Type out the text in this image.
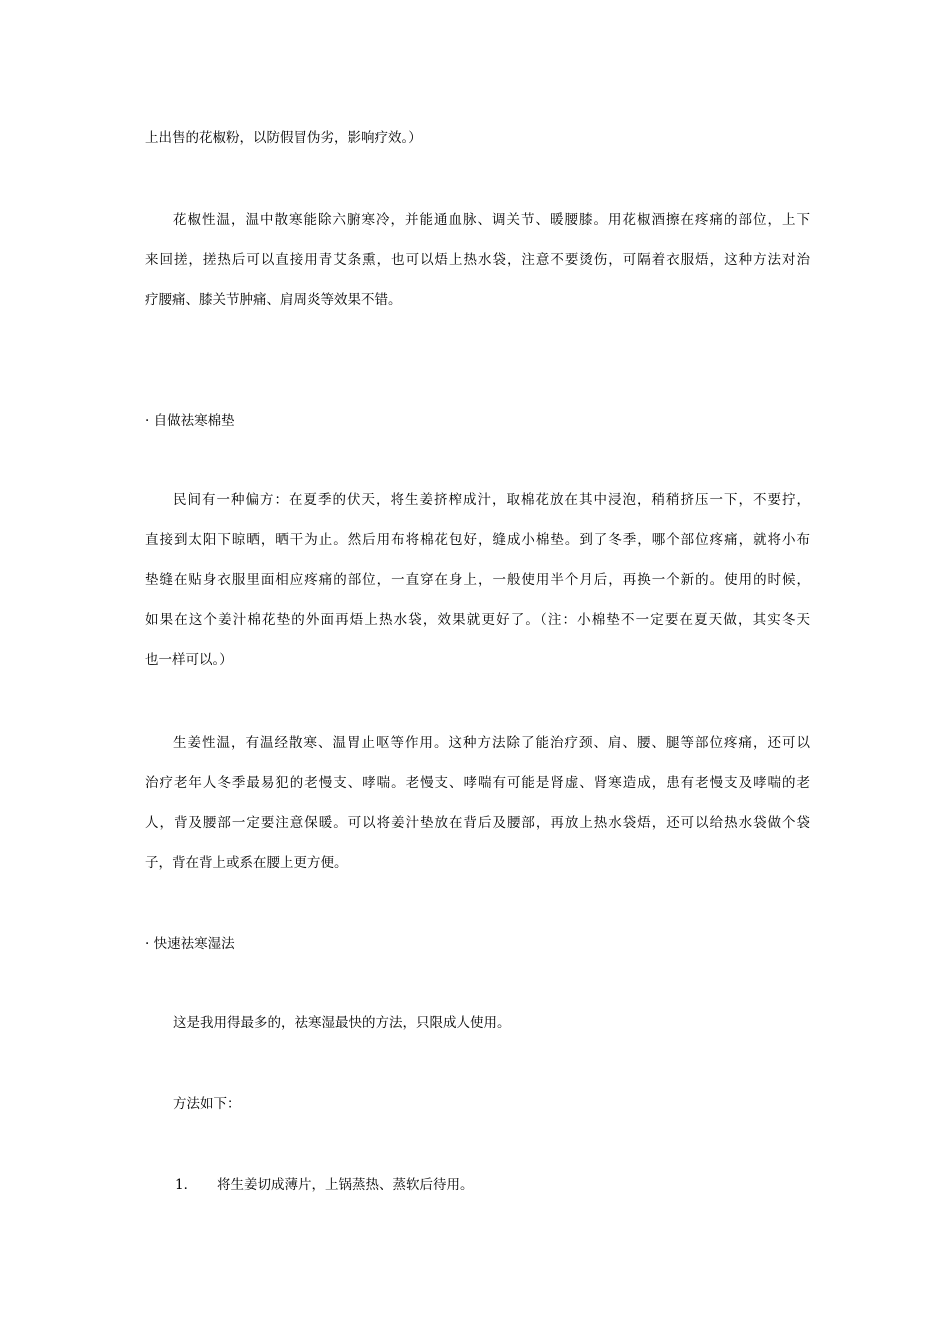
上出售的花椒粉，以防假冒伪劣，影响疗效。）

花椒性温，温中散寒能除六腑寒冷，并能通血脉、调关节、暖腰膝。用花椒酒擦在疼痛的部位，上下

来回搓，搓热后可以直接用青艾条熏，也可以焐上热水袋，注意不要烫伤，可隔着衣服焐，这种方法对治

疗腰痛、膝关节肿痛、肩周炎等效果不错。

· 自做祛寒棉垫

民间有一种偏方：在夏季的伏天，将生姜挤榨成汁，取棉花放在其中浸泡，稍稍挤压一下，不要拧，

直接到太阳下晾晒，晒干为止。然后用布将棉花包好，缝成小棉垫。到了冬季，哪个部位疼痛，就将小布

垫缝在贴身衣服里面相应疼痛的部位，一直穿在身上，一般使用半个月后，再换一个新的。使用的时候，

如果在这个姜汁棉花垫的外面再焐上热水袋，效果就更好了。（注：小棉垫不一定要在夏天做，其实冬天

也一样可以。）

生姜性温，有温经散寒、温胃止呕等作用。这种方法除了能治疗颈、肩、腰、腿等部位疼痛，还可以

治疗老年人冬季最易犯的老慢支、哮喘。老慢支、哮喘有可能是肾虚、肾寒造成，患有老慢支及哮喘的老

人，背及腰部一定要注意保暖。可以将姜汁垫放在背后及腰部，再放上热水袋焐，还可以给热水袋做个袋

子，背在背上或系在腰上更方便。

· 快速祛寒湿法

这是我用得最多的，祛寒湿最快的方法，只限成人使用。

方法如下：

1． 将生姜切成薄片，上锅蒸热、蒸软后待用。
